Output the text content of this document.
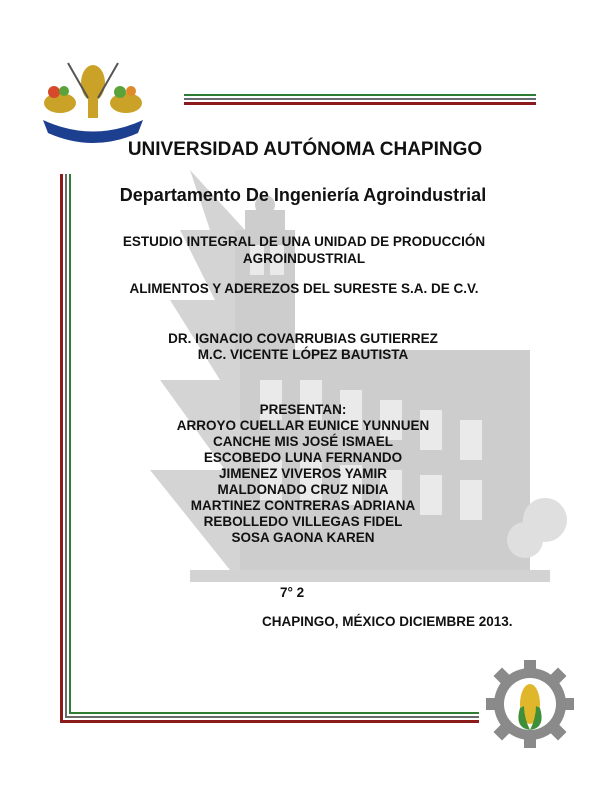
UNIVERSIDAD AUTÓNOMA CHAPINGO
Departamento De Ingeniería Agroindustrial
ESTUDIO INTEGRAL DE UNA UNIDAD DE PRODUCCIÓN
AGROINDUSTRIAL
ALIMENTOS Y ADEREZOS DEL SURESTE S.A. DE C.V.
DR. IGNACIO COVARRUBIAS GUTIERREZ
M.C. VICENTE LÓPEZ BAUTISTA
PRESENTAN:
ARROYO CUELLAR EUNICE YUNNUEN
CANCHE MIS JOSÉ ISMAEL
ESCOBEDO LUNA FERNANDO
JIMENEZ VIVEROS YAMIR
MALDONADO CRUZ NIDIA
MARTINEZ CONTRERAS ADRIANA
REBOLLEDO VILLEGAS FIDEL
SOSA GAONA KAREN
7° 2
CHAPINGO, MÉXICO DICIEMBRE 2013.
